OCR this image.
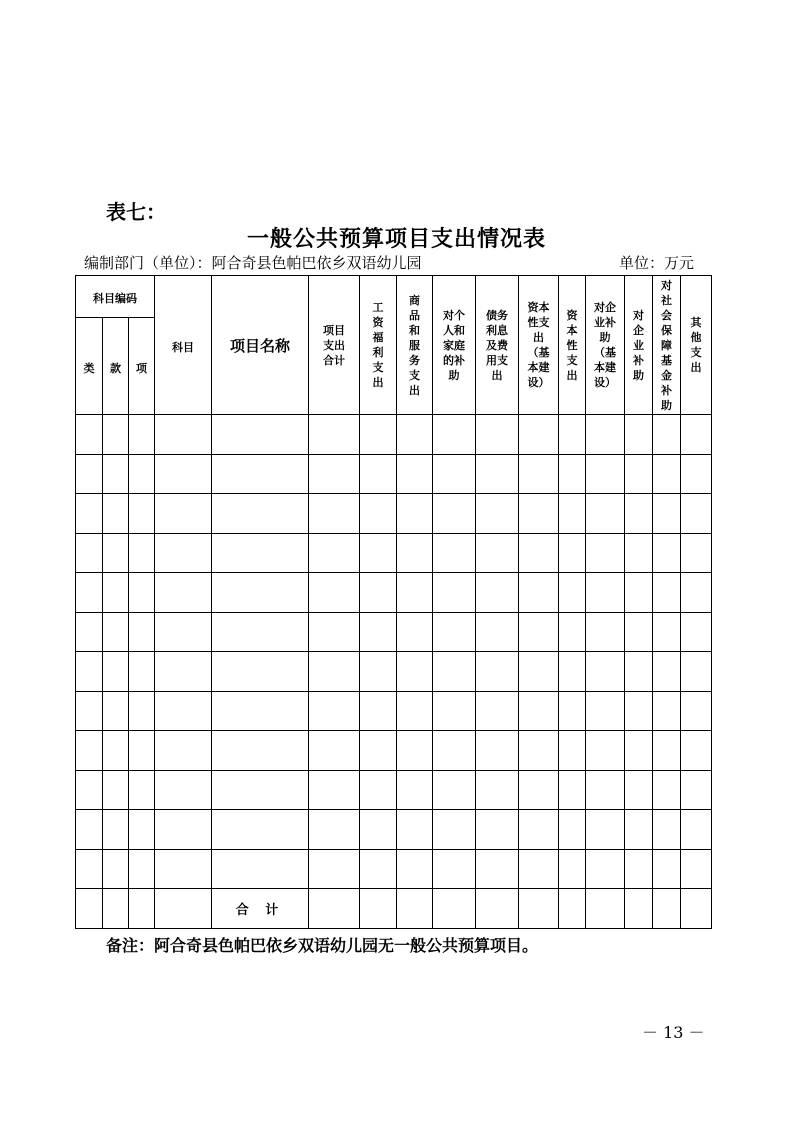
表七：
一般公共预算项目支出情况表
编制部门（单位）：阿合奇县色帕巴依乡双语幼儿园	单位：万元
科目编码			科目	项目名称	项目支出合计	工资福利支出	商品和服务支出	对个人和家庭的补助	债务利息及费用支出	资本性支出（基本建设）	资本性支出	对企业补助（基本建设）	对企业补助	对社会保障基金补助	其他支出
类	款	项													

				合 计											
备注：阿合奇县色帕巴依乡双语幼儿园无一般公共预算项目。
－ 13 －
